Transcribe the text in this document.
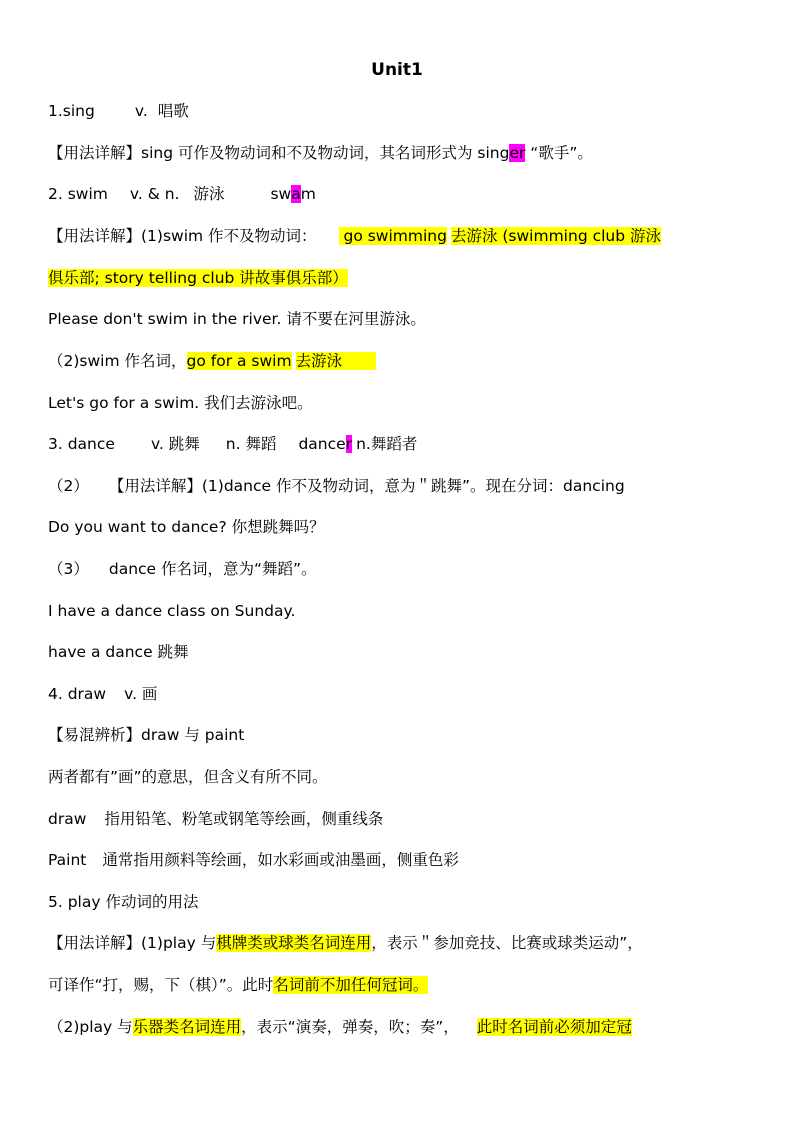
Unit1
1.sing	v. 唱歌
【用法详解】sing 可作及物动词和不及物动词，其名词形式为 singer “歌手”。
2. swim v. & n. 游泳	swam
【用法详解】(1)swim 作不及物动词： go swimming 去游泳 (swimming club 游泳
俱乐部; story telling club 讲故事俱乐部）
Please don't swim in the river. 请不要在河里游泳。
（2)swim 作名词，go for a swim 去游泳
Let's go for a swim. 我们去游泳吧。
3. dance v. 跳舞 n. 舞蹈 dancer n.舞蹈者
（2） 【用法详解】(1)dance 作不及物动词，意为＂跳舞”。现在分词：dancing
Do you want to dance? 你想跳舞吗？
（3） dance 作名词，意为“舞蹈”。
I have a dance class on Sunday.
have a dance 跳舞
4. draw v. 画
【易混辨析】draw 与 paint
两者都有”画”的意思，但含义有所不同。
draw 指用铅笔、粉笔或钢笔等绘画，侧重线条
Paint 通常指用颜料等绘画，如水彩画或油墨画，侧重色彩
5. play 作动词的用法
【用法详解】(1)play 与棋牌类或球类名词连用，表示＂参加竞技、比赛或球类运动”，
可译作“打，赐，下（棋）”。此时名词前不加任何冠词。
（2)play 与乐器类名词连用，表示“演奏，弹奏，吹；奏”， 此时名词前必须加定冠
